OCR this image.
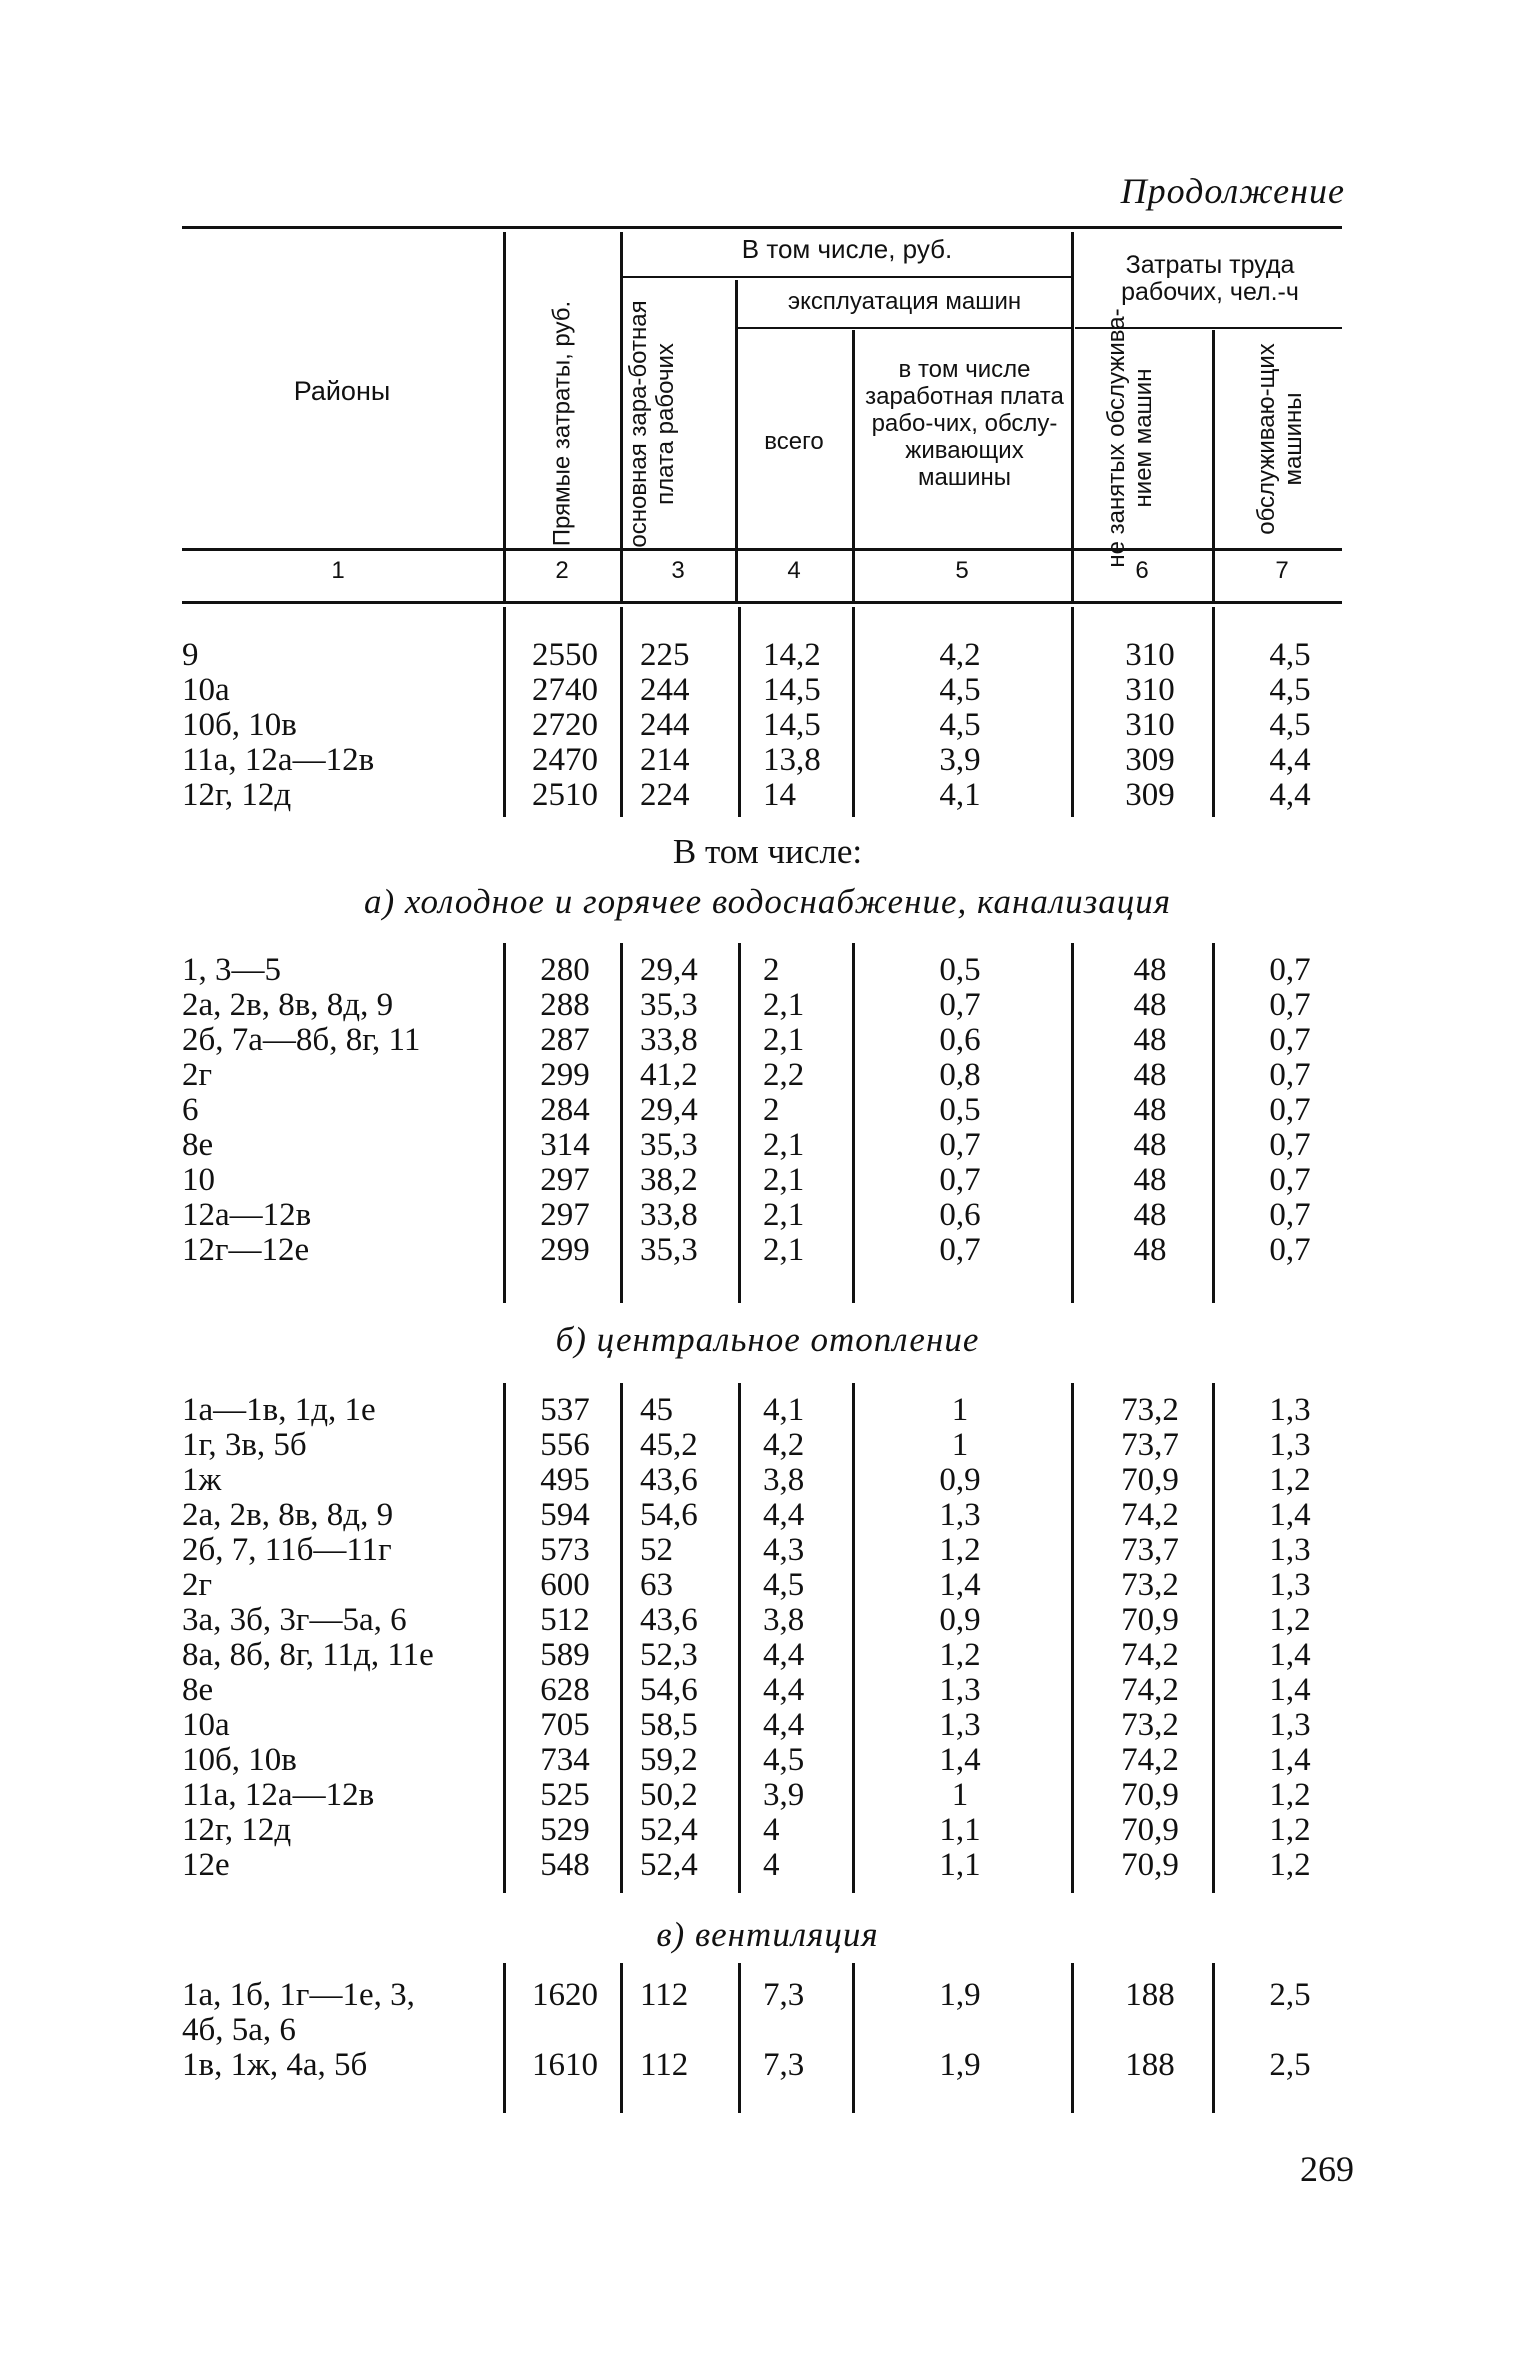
Продолжение
Районы	Прямые затраты, руб.
В том числе, руб.
основная зара-ботная плата рабочих
эксплуатация машин
всего
в том числе заработная плата рабо-чих, обслу-живающих машины
Затраты труда рабочих, чел.-ч
не занятых обслужива-нием машин	обслуживаю-щих машины
1	2	3	4	5	6	7
9	2550 225 14,2	4,2	310	4,5
10а	2740 244 14,5	4,5	310	4,5
10б, 10в	2720 244 14,5	4,5	310	4,5
11а, 12а—12в	2470 214 13,8	3,9	309	4,4
12г, 12д	2510 224 14	4,1	309	4,4
В том числе:
а) холодное и горячее водоснабжение, канализация
1, 3—5	280	29,4 2	0,5	48	0,7
2а, 2в, 8в, 8д, 9	288	35,3 2,1	0,7	48	0,7
2б, 7а—8б, 8г, 11	287	33,8 2,1	0,6	48	0,7
2г	299	41,2 2,2	0,8	48	0,7
6	284	29,4 2	0,5	48	0,7
8е	314	35,3 2,1	0,7	48	0,7
10	297	38,2 2,1	0,7	48	0,7
12а—12в	297	33,8 2,1	0,6	48	0,7
12г—12е	299	35,3 2,1	0,7	48	0,7
б) центральное отопление
1а—1в, 1д, 1е	537	45	4,1	1	73,2	1,3
1г, 3в, 5б	556	45,2 4,2	1	73,7	1,3
1ж	495	43,6 3,8	0,9	70,9	1,2
2а, 2в, 8в, 8д, 9	594	54,6 4,4	1,3	74,2	1,4
2б, 7, 11б—11г	573	52	4,3	1,2	73,7	1,3
2г	600	63	4,5	1,4	73,2	1,3
3а, 3б, 3г—5а, 6	512	43,6 3,8	0,9	70,9	1,2
8а, 8б, 8г, 11д, 11е	589	52,3 4,4	1,2	74,2	1,4
8е	628	54,6 4,4	1,3	74,2	1,4
10а	705	58,5 4,4	1,3	73,2	1,3
10б, 10в	734	59,2 4,5	1,4	74,2	1,4
11а, 12а—12в	525	50,2 3,9	1	70,9	1,2
12г, 12д	529	52,4 4	1,1	70,9	1,2
12е	548	52,4 4	1,1	70,9	1,2
в) вентиляция
1а, 1б, 1г—1е, 3,	1620 112 7,3	1,9	188	2,5
4б, 5а, 6
1в, 1ж, 4а, 5б	1610 112 7,3	1,9	188	2,5
269
